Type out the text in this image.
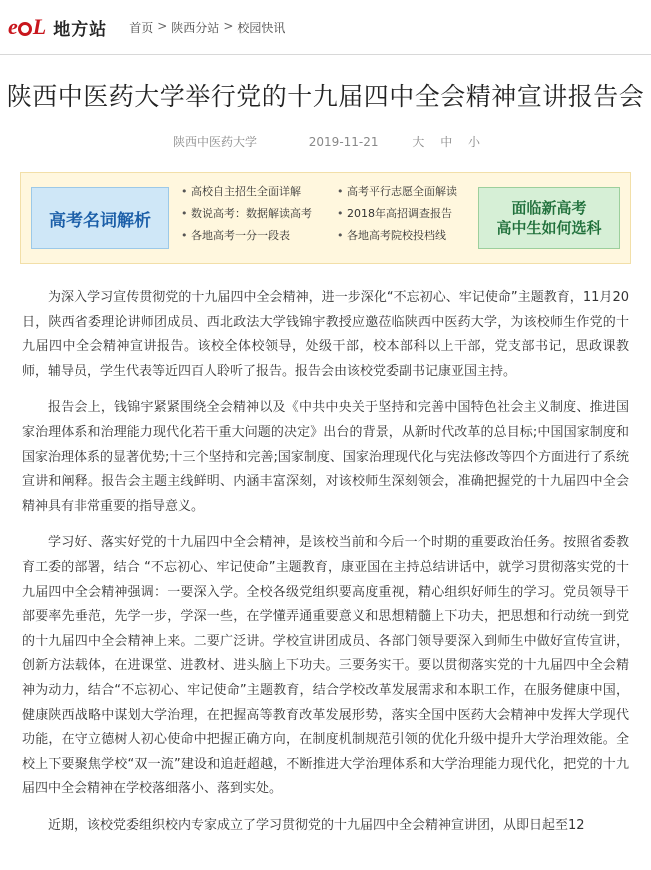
e L 地方站 首页 > 陕西分站 > 校园快讯
陕西中医药大学举行党的十九届四中全会精神宣讲报告会
陕西中医药大学	2019-11-21	大 中 小
高考名词解析
• 高校自主招生全面详解	• 高考平行志愿全面解读
• 数说高考：数据解读高考	• 2018年高招调查报告
• 各地高考一分一段表	• 各地高考院校投档线
面临新高考
高中生如何选科

为深入学习宣传贯彻党的十九届四中全会精神，进一步深化“不忘初心、牢记使命”主题教育，11月20日，陕西省委理论讲师团成员、西北政法大学钱锦宇教授应邀莅临陕西中医药大学，为该校师生作党的十九届四中全会精神宣讲报告。该校全体校领导，处级干部，校本部科以上干部，党支部书记，思政课教师，辅导员，学生代表等近四百人聆听了报告。报告会由该校党委副书记康亚国主持。

报告会上，钱锦宇紧紧围绕全会精神以及《中共中央关于坚持和完善中国特色社会主义制度、推进国家治理体系和治理能力现代化若干重大问题的决定》出台的背景，从新时代改革的总目标;中国国家制度和国家治理体系的显著优势;十三个坚持和完善;国家制度、国家治理现代化与宪法修改等四个方面进行了系统宣讲和阐释。报告会主题主线鲜明、内涵丰富深刻，对该校师生深刻领会，准确把握党的十九届四中全会精神具有非常重要的指导意义。

学习好、落实好党的十九届四中全会精神，是该校当前和今后一个时期的重要政治任务。按照省委教育工委的部署，结合 “不忘初心、牢记使命”主题教育，康亚国在主持总结讲话中，就学习贯彻落实党的十九届四中全会精神强调：一要深入学。全校各级党组织要高度重视，精心组织好师生的学习。党员领导干部要率先垂范，先学一步，学深一些，在学懂弄通重要意义和思想精髓上下功夫，把思想和行动统一到党的十九届四中全会精神上来。二要广泛讲。学校宣讲团成员、各部门领导要深入到师生中做好宣传宣讲，创新方法载体，在进课堂、进教材、进头脑上下功夫。三要务实干。要以贯彻落实党的十九届四中全会精神为动力，结合“不忘初心、牢记使命”主题教育，结合学校改革发展需求和本职工作，在服务健康中国，健康陕西战略中谋划大学治理，在把握高等教育改革发展形势，落实全国中医药大会精神中发挥大学现代功能，在守立德树人初心使命中把握正确方向，在制度机制规范引领的优化升级中提升大学治理效能。全校上下要聚焦学校“双一流”建设和追赶超越，不断推进大学治理体系和大学治理能力现代化，把党的十九届四中全会精神在学校落细落小、落到实处。

近期，该校党委组织校内专家成立了学习贯彻党的十九届四中全会精神宣讲团，从即日起至12
